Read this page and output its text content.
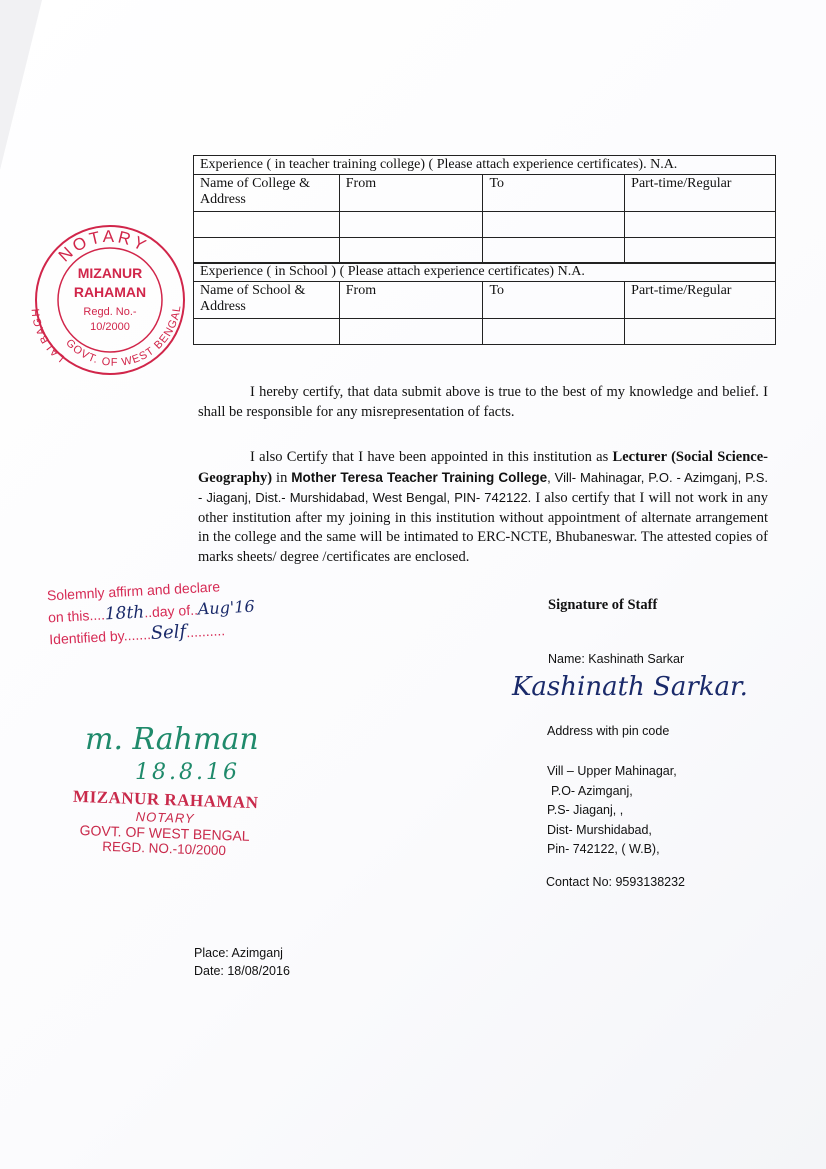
Experience ( in teacher training college) ( Please attach experience certificates). N.A.			
Name of College & Address	From	To	Part-time/Regular

Experience ( in School ) ( Please attach experience certificates) N.A.			
Name of School & Address	From	To	Part-time/Regular

NOTARY
GOVT. OF WEST BENGAL
LALBAGH
MIZANUR
RAHAMAN
Regd. No.-
10/2000
I hereby certify, that data submit above is true to the best of my knowledge and belief. I shall be responsible for any misrepresentation of facts.
I also Certify that I have been appointed in this institution as Lecturer (Social Science-Geography) in Mother Teresa Teacher Training College, Vill- Mahinagar, P.O. - Azimganj, P.S. - Jiaganj, Dist.- Murshidabad, West Bengal, PIN- 742122. I also certify that I will not work in any other institution after my joining in this institution without appointment of alternate arrangement in the college and the same will be intimated to ERC-NCTE, Bhubaneswar. The attested copies of marks sheets/ degree /certificates are enclosed.
Solemnly affirm and declare
on this....18th..day of..Aug'16
Identified by.......Self..........
Signature of Staff
Name: Kashinath Sarkar
Kashinath Sarkar.
Address with pin code
Vill – Upper Mahinagar,
P.O- Azimganj,
P.S- Jiaganj, ,
Dist- Murshidabad,
Pin- 742122, ( W.B),
Contact No: 9593138232
m. Rahman
18.8.16
MIZANUR RAHAMAN
NOTARY
GOVT. OF WEST BENGAL
REGD. NO.-10/2000
Place: Azimganj
Date: 18/08/2016
